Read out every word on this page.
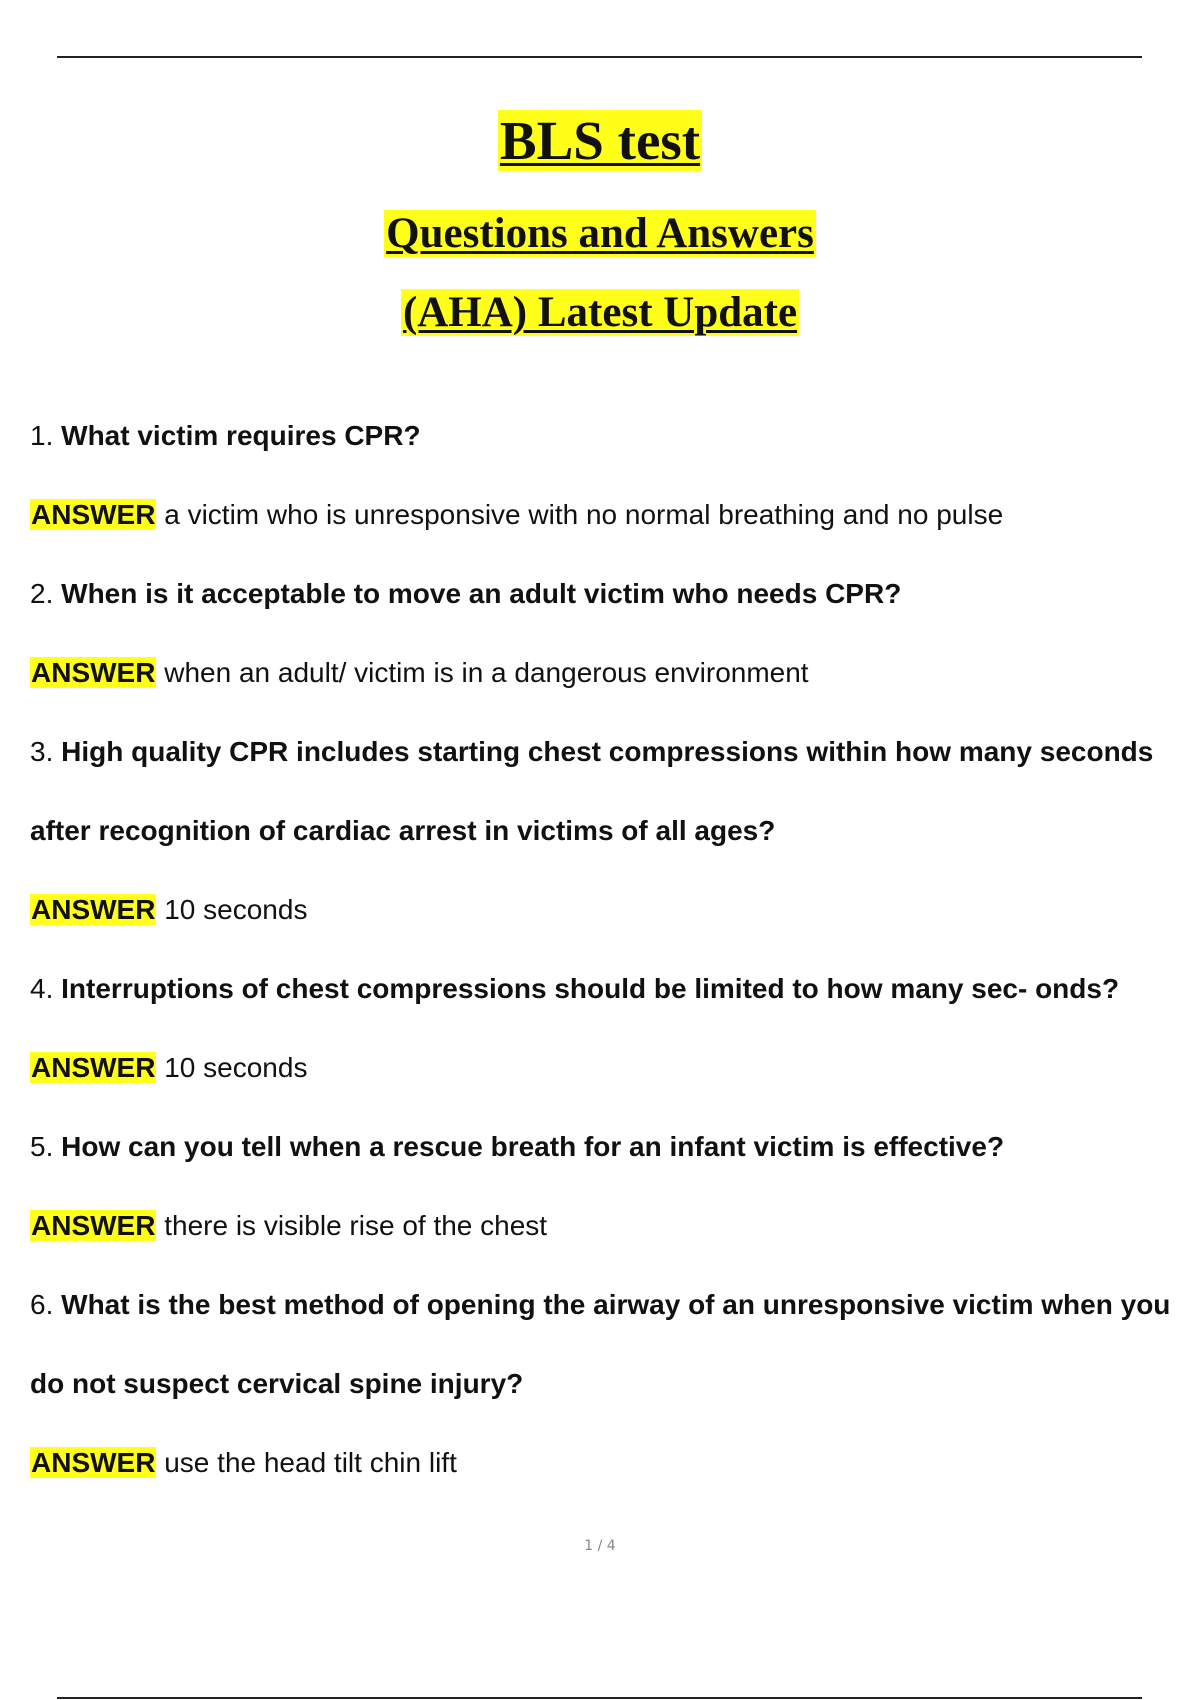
BLS test
Questions and Answers
(AHA) Latest Update
1. What victim requires CPR?
ANSWER a victim who is unresponsive with no normal breathing and no pulse
2. When is it acceptable to move an adult victim who needs CPR?
ANSWER when an adult/ victim is in a dangerous environment
3. High quality CPR includes starting chest compressions within how many seconds
after recognition of cardiac arrest in victims of all ages?
ANSWER 10 seconds
4. Interruptions of chest compressions should be limited to how many sec- onds?
ANSWER 10 seconds
5. How can you tell when a rescue breath for an infant victim is effective?
ANSWER there is visible rise of the chest
6. What is the best method of opening the airway of an unresponsive victim when you
do not suspect cervical spine injury?
ANSWER use the head tilt chin lift
1 / 4
